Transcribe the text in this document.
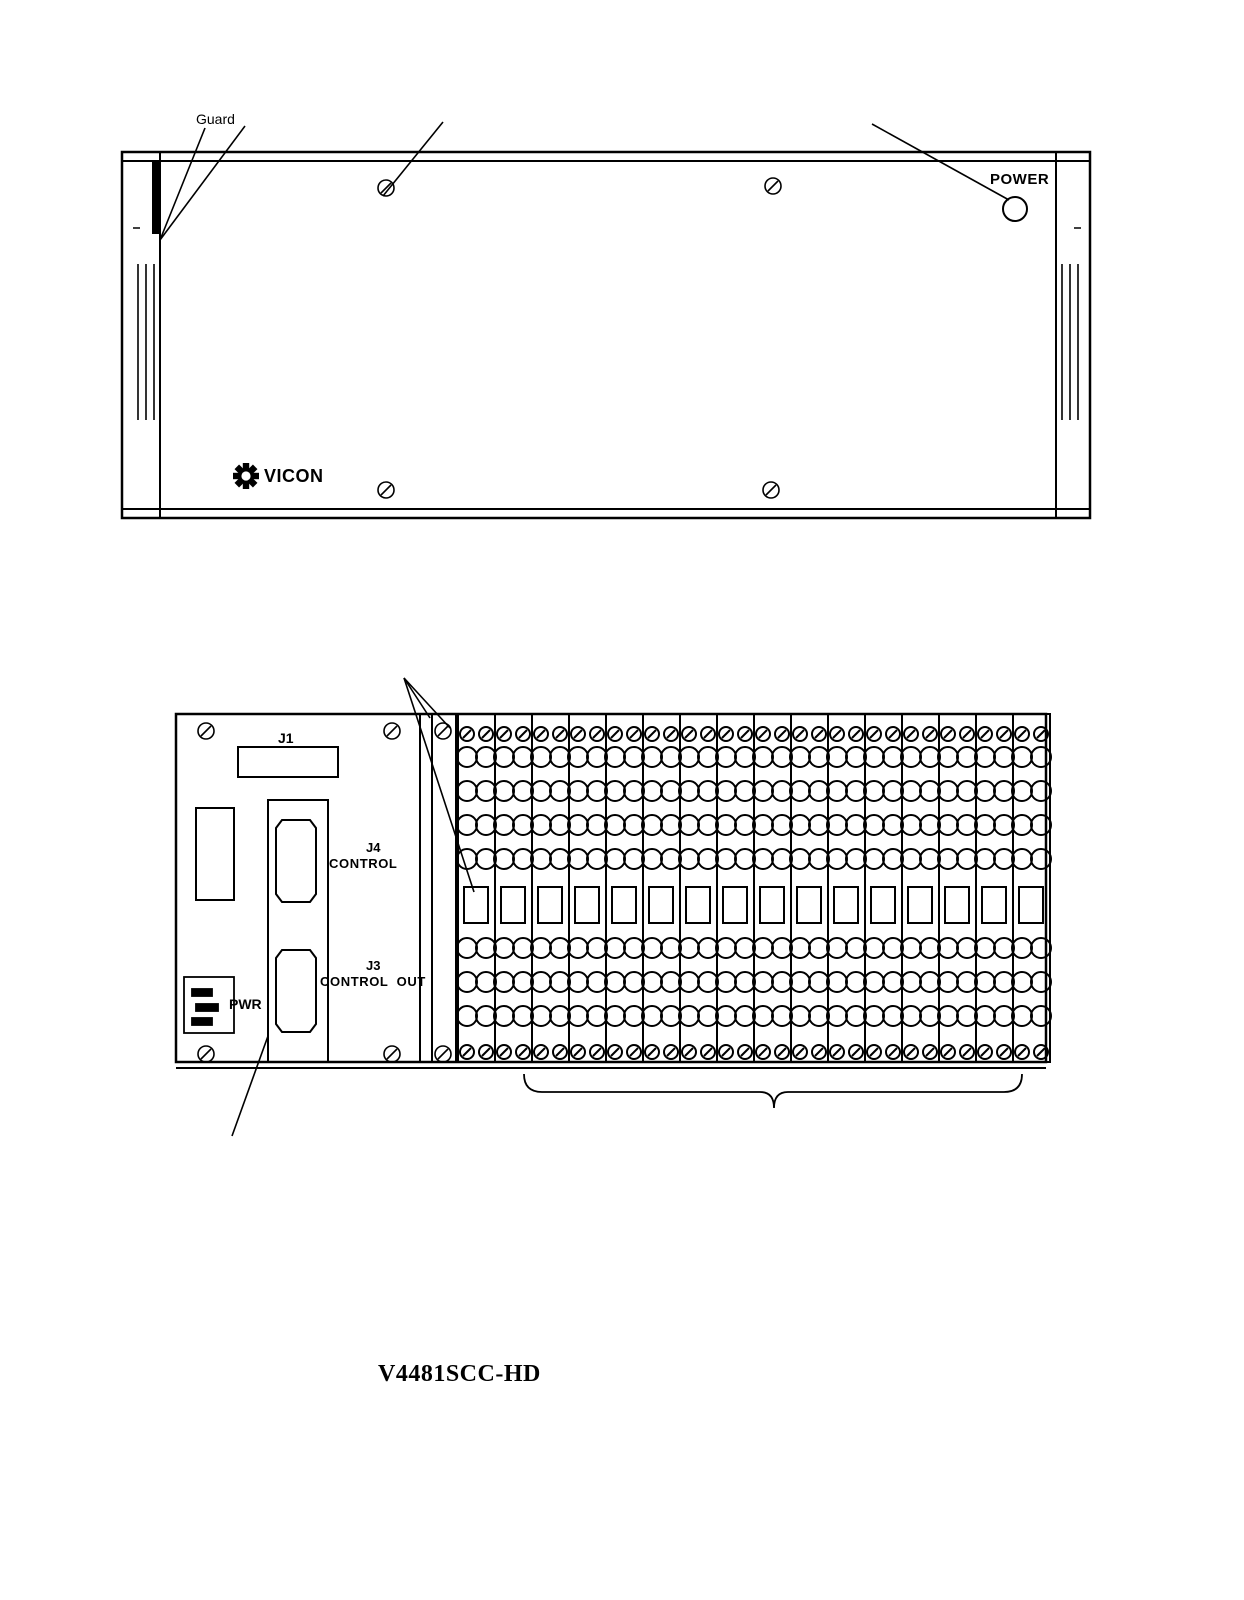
Guard
POWER
VICON
J1
J4
CONTROL
J3
CONTROL  OUT
PWR
V4481SCC-HD
